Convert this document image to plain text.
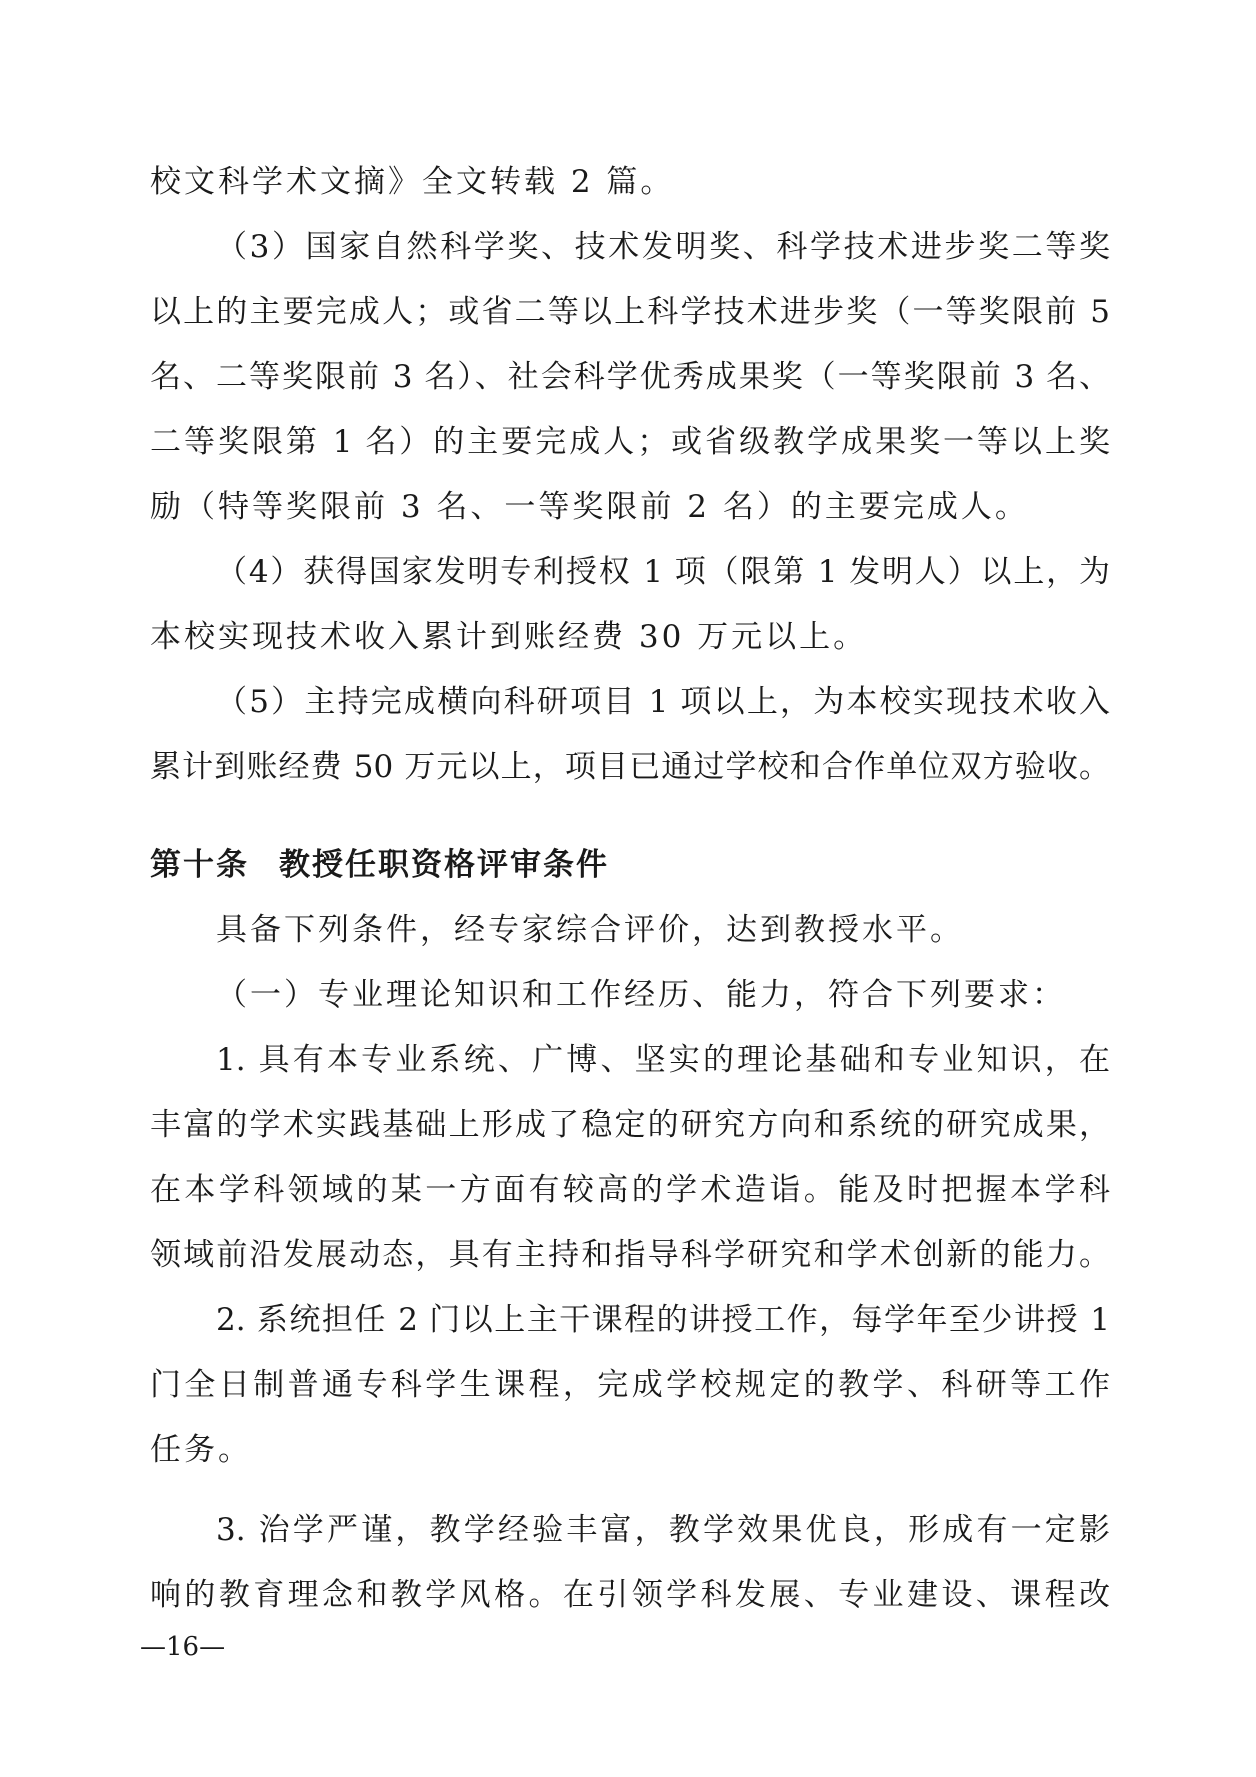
校文科学术文摘》全文转载 2 篇。
（3）国家自然科学奖、技术发明奖、科学技术进步奖二等奖
以上的主要完成人；或省二等以上科学技术进步奖（一等奖限前 5
名、二等奖限前 3 名）、社会科学优秀成果奖（一等奖限前 3 名、
二等奖限第 1 名）的主要完成人；或省级教学成果奖一等以上奖
励（特等奖限前 3 名、一等奖限前 2 名）的主要完成人。
（4）获得国家发明专利授权 1 项（限第 1 发明人）以上，为
本校实现技术收入累计到账经费 30 万元以上。
（5）主持完成横向科研项目 1 项以上，为本校实现技术收入
累计到账经费 50 万元以上，项目已通过学校和合作单位双方验收。
第十条 教授任职资格评审条件
具备下列条件，经专家综合评价，达到教授水平。
（一）专业理论知识和工作经历、能力，符合下列要求：
1. 具有本专业系统、广博、坚实的理论基础和专业知识，在
丰富的学术实践基础上形成了稳定的研究方向和系统的研究成果，
在本学科领域的某一方面有较高的学术造诣。能及时把握本学科
领域前沿发展动态，具有主持和指导科学研究和学术创新的能力。
2. 系统担任 2 门以上主干课程的讲授工作，每学年至少讲授 1
门全日制普通专科学生课程，完成学校规定的教学、科研等工作
任务。
3. 治学严谨，教学经验丰富，教学效果优良，形成有一定影
响的教育理念和教学风格。在引领学科发展、专业建设、课程改
—16—
